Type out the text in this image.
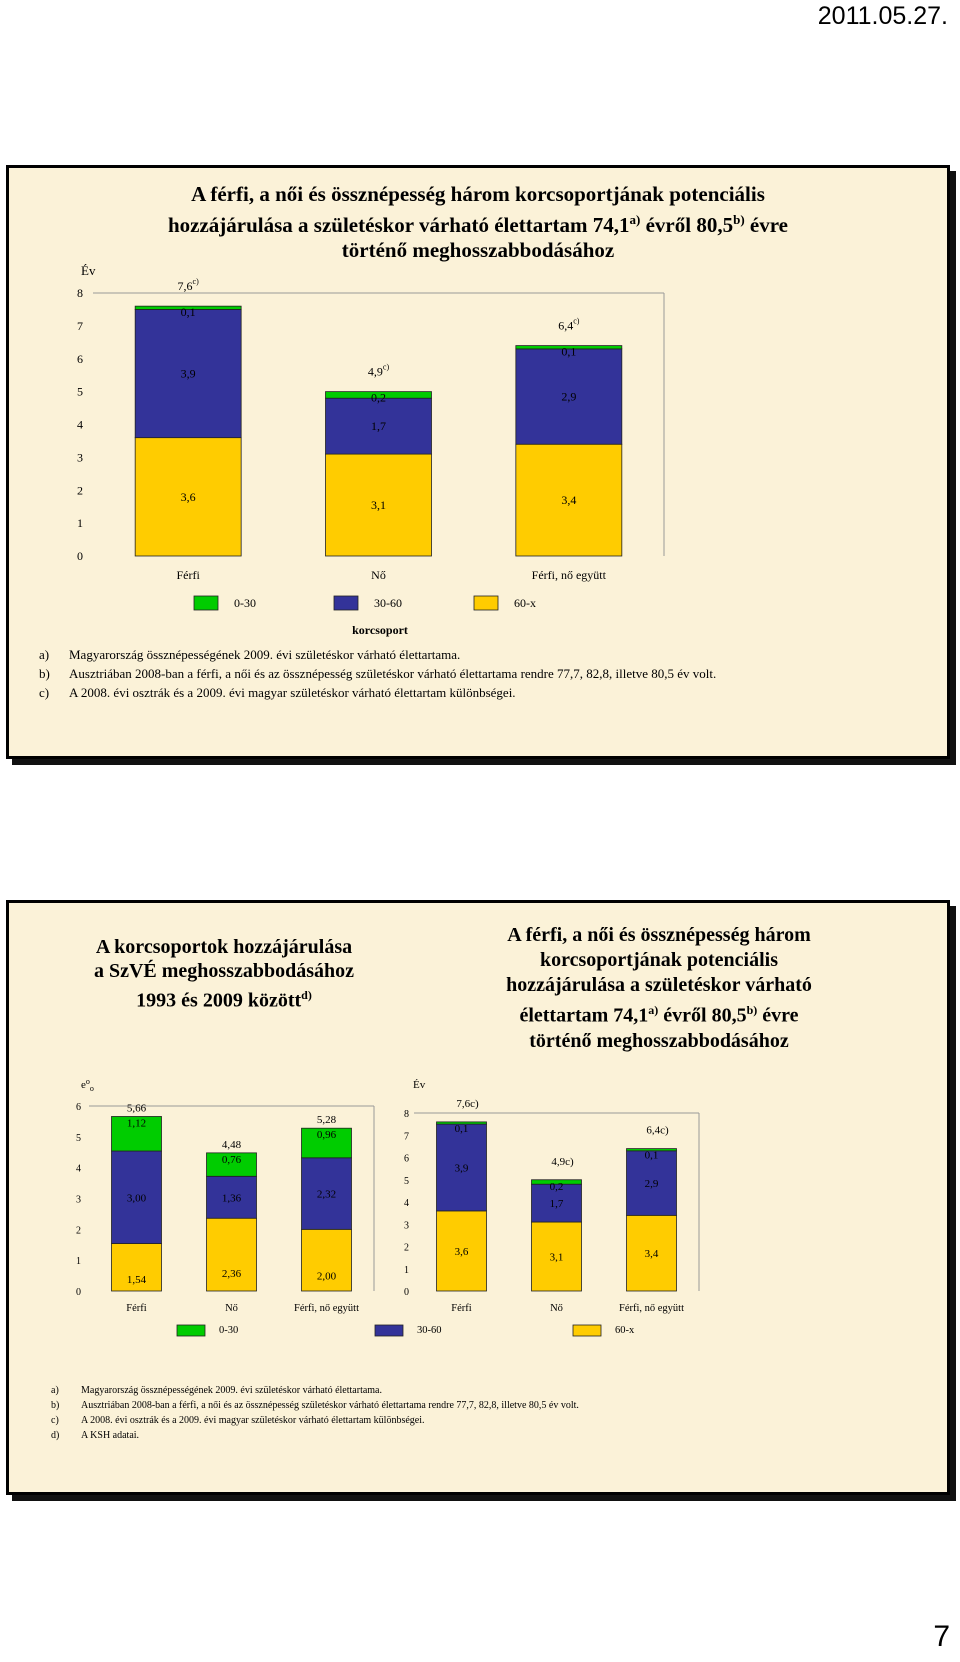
2011.05.27.
A férfi, a női és össznépesség három korcsoportjának potenciális
hozzájárulása a születéskor várható élettartam 74,1$^{a)}$ évről 80,5$^{b)}$ évre
történő meghosszabbodásához
Év
0
1
2
3
4
5
6
7
8
3,6
3,9
0,1
7,6$^{c)}$
Férfi
3,1
1,7
0,2
4,9$^{c)}$
Nő
3,4
2,9
0,1
6,4$^{c)}$
Férfi, nő együtt
0-30	30-60	60-x
korcsoport
a)	Magyarország össznépességének 2009. évi születéskor várható élettartama.
b)	Ausztriában 2008-ban a férfi, a női és az össznépesség születéskor várható élettartama rendre 77,7, 82,8, illetve 80,5 év volt.
c)	A 2008. évi osztrák és a 2009. évi magyar születéskor várható élettartam különbségei.
A korcsoportok hozzájárulása
a SzVÉ meghosszabbodásához
1993 és 2009 között$^{d)}$
A férfi, a női és össznépesség három
korcsoportjának potenciális
hozzájárulása a születéskor várható
élettartam 74,1$^{a)}$ évről 80,5$^{b)}$ évre
történő meghosszabbodásához
$e^o_o$
0
1
2
3
4
5
6
1,54
3,00
1,12
5,66
Férfi
2,36
1,36
0,76
4,48
Nő
2,00
2,32
0,96
5,28
Férfi, nő együtt
Év
0
1
2
3
4
5
6
7
8
3,6
3,9
0,1
7,6c)
Férfi
3,1
1,7
0,2
4,9c)
Nő
3,4
2,9
0,1
6,4c)
Férfi, nő együtt
0-30	30-60	60-x
a)	Magyarország össznépességének 2009. évi születéskor várható élettartama.
b)	Ausztriában 2008-ban a férfi, a női és az össznépesség születéskor várható élettartama rendre 77,7, 82,8, illetve 80,5 év volt.
c)	A 2008. évi osztrák és a 2009. évi magyar születéskor várható élettartam különbségei.
d)	A KSH adatai.
7
